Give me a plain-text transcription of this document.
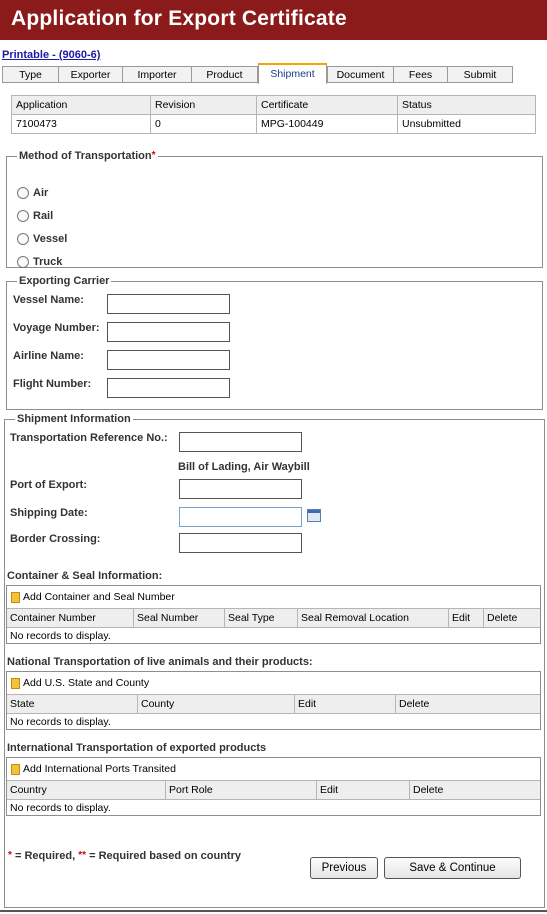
Application for Export Certificate
Printable - (9060-6)
Type	Exporter	Importer	Product	Shipment	Document	Fees	Submit
Application	Revision	Certificate	Status
7100473	0	MPG-100449	Unsubmitted
Method of Transportation*
Air
Rail
Vessel
Truck
Exporting Carrier
Vessel Name:
Voyage Number:
Airline Name:
Flight Number:
Shipment Information
Transportation Reference No.:
Bill of Lading, Air Waybill
Port of Export:
Shipping Date:
Border Crossing:
Container & Seal Information:
Add Container and Seal Number
Container Number	Seal Number	Seal Type	Seal Removal Location	Edit	Delete
No records to display.
National Transportation of live animals and their products:
Add U.S. State and County
State	County	Edit	Delete
No records to display.
International Transportation of exported products
Add International Ports Transited
Country	Port Role	Edit	Delete
No records to display.
* = Required, ** = Required based on country
Previous	Save & Continue
